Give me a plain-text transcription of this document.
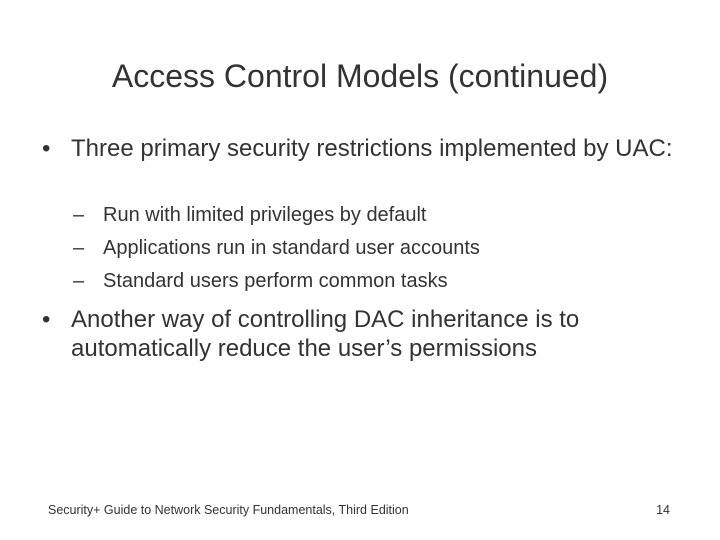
Access Control Models (continued)
• Three primary security restrictions implemented by UAC:
– Run with limited privileges by default
– Applications run in standard user accounts
– Standard users perform common tasks
• Another way of controlling DAC inheritance is to automatically reduce the user’s permissions
Security+ Guide to Network Security Fundamentals, Third Edition	14
